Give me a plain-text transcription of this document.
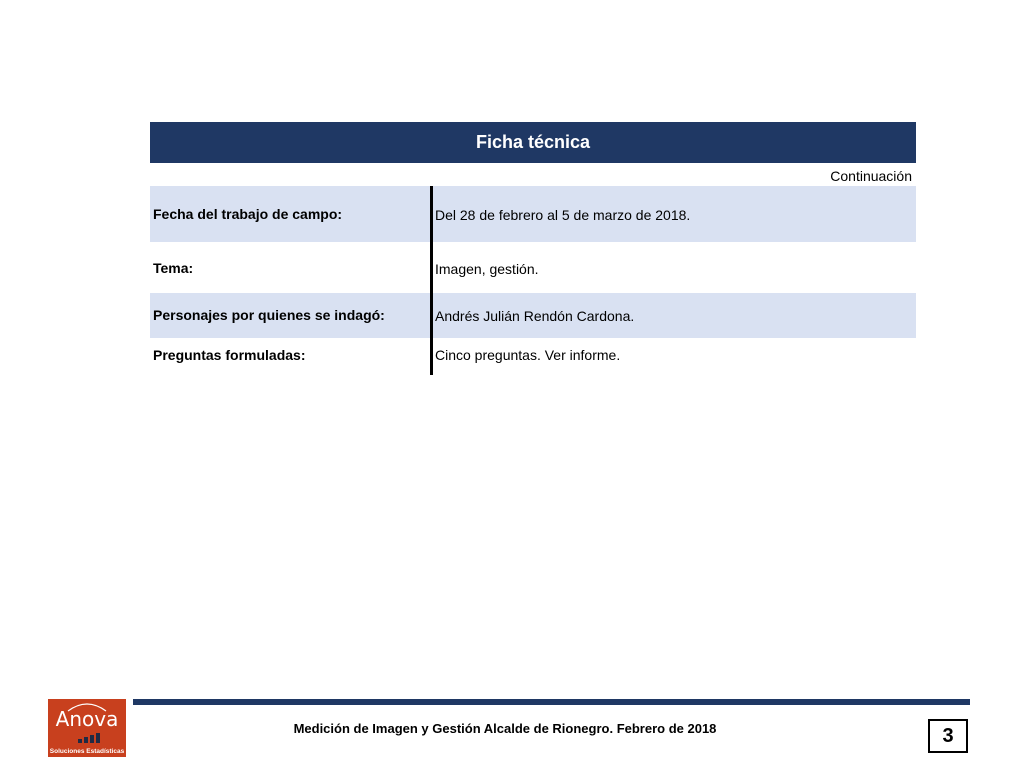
Ficha técnica
Continuación
Fecha del trabajo de campo:	Del 28 de febrero al 5 de marzo de 2018.
Tema:	Imagen, gestión.
Personajes por quienes se indagó:	Andrés Julián Rendón Cardona.
Preguntas formuladas:	Cinco preguntas. Ver informe.
Anova
Soluciones Estadísticas
Medición de Imagen y Gestión Alcalde de Rionegro. Febrero de 2018	3
